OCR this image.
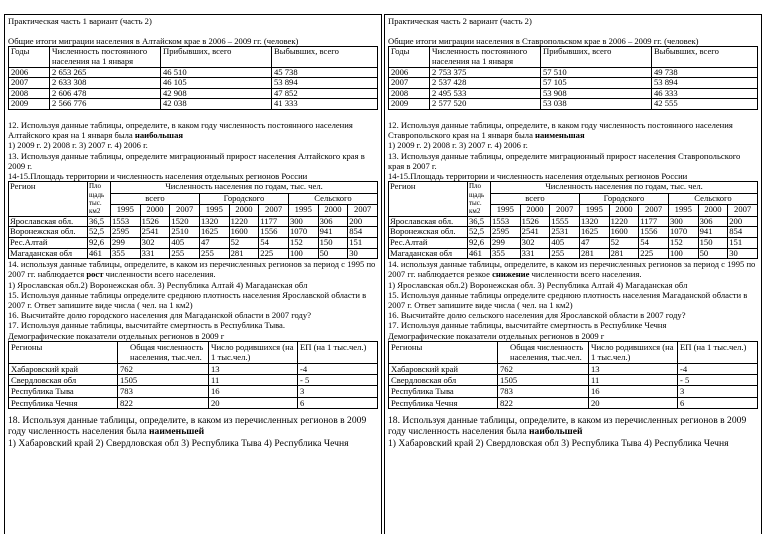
Практическая часть 1 вариант (часть 2)

Общие итоги миграции населения в Алтайском крае в 2006 – 2009 гг. (человек)

Годы	Численность постоянного населения на 1 января	Прибывших, всего	Выбывших, всего
2006	2 653 265	46 510	45 738
2007	2 633 308	46 105	53 894
2008	2 606 478	42 908	47 852
2009	2 566 776	42 038	41 333

12. Используя данные таблицы, определите, в каком году численность постоянного населения Алтайского края на 1 января была наибольшая

1) 2009 г. 2) 2008 г. 3) 2007 г. 4) 2006 г.

13. Используя данные таблицы, определите миграционный прирост населения Алтайского края в 2009 г.

14-15.Площадь территории и численность населения отдельных регионов России

Регион	Пло щадь тыс. км2	Численность населения по годам, тыс. чел.								
		всего			Городского			Сельского		
		1995	2000	2007	1995	2000	2007	1995	2000	2007
Ярославская обл.	36,5	1553	1526	1520	1320	1220	1177	300	306	200
Воронежская обл.	52,5	2595	2541	2510	1625	1600	1556	1070	941	854
Рес.Алтай	92,6	299	302	405	47	52	54	152	150	151
Магаданская обл	461	355	331	255	255	281	225	100	50	30

14. используя данные таблицы, определите, в каком из перечисленных регионов за период с 1995 по 2007 гг. наблюдается рост численности всего населения.

1) Ярославская обл.2) Воронежская обл. 3) Республика Алтай 4) Магаданская обл

15. Используя данные таблицы определите среднюю плотность населения Ярославской области в 2007 г. Ответ запишите виде числа ( чел. на 1 км2)

16. Высчитайте долю городского населения для Магаданской области в 2007 году?

17. Используя данные таблицы, высчитайте смертность в Республика Тыва.

Демографические показатели отдельных регионов в 2009 г

Регионы	Общая численность населения, тыс.чел.	Число родившихся (на 1 тыс.чел.)	ЕП (на 1 тыс.чел.)
Хабаровский край	762	13	-4
Свердловская обл	1505	11	- 5
Республика Тыва	783	16	3
Республика Чечня	822	20	6

18. Используя данные таблицы, определите, в каком из перечисленных регионов в 2009 году численность населения была наименьшей

1) Хабаровский край 2) Свердловская обл 3) Республика Тыва 4) Республика Чечня

Практическая часть 2 вариант (часть 2)

Общие итоги миграции населения в Ставропольском крае в 2006 – 2009 гг. (человек)

Годы	Численность постоянного населения на 1 января	Прибывших, всего	Выбывших, всего
2006	2 753 375	57 510	49 738
2007	2 537 428	57 105	53 894
2008	2 495 533	53 908	46 333
2009	2 577 520	53 038	42 555

12. Используя данные таблицы, определите, в каком году численность постоянного населения Ставропольского края на 1 января была наименьшая

1) 2009 г. 2) 2008 г. 3) 2007 г. 4) 2006 г.

13. Используя данные таблицы, определите миграционный прирост населения Ставропольского края в 2007 г.

14-15.Площадь территории и численность населения отдельных регионов России

Регион	Пло щадь тыс. км2	Численность населения по годам, тыс. чел.								
		всего			Городского			Сельского		
		1995	2000	2007	1995	2000	2007	1995	2000	2007
Ярославская обл.	36,5	1553	1526	1555	1320	1220	1177	300	306	200
Воронежская обл.	52,5	2595	2541	2531	1625	1600	1556	1070	941	854
Рес.Алтай	92,6	299	302	405	47	52	54	152	150	151
Магаданская обл	461	355	331	255	281	281	225	100	50	30

14. используя данные таблицы, определите, в каком из перечисленных регионов за период с 1995 по 2007 гг. наблюдается резкое снижение численности всего населения.

1) Ярославская обл.2) Воронежская обл. 3) Республика Алтай 4) Магаданская обл

15. Используя данные таблицы определите среднюю плотность населения Магаданской области в 2007 г. Ответ запишите виде числа ( чел. на 1 км2)

16. Высчитайте долю сельского населения для Ярославской области в 2007 году?

17. Используя данные таблицы, высчитайте смертность в Республике Чечня

Демографические показатели отдельных регионов в 2009 г

Регионы	Общая численность населения, тыс.чел.	Число родившихся (на 1 тыс.чел.)	ЕП (на 1 тыс.чел.)
Хабаровский край	762	13	-4
Свердловская обл	1505	11	- 5
Республика Тыва	783	16	3
Республика Чечня	822	20	6

18. Используя данные таблицы, определите, в каком из перечисленных регионов в 2009 году численность населения была наибольшей

1) Хабаровский край 2) Свердловская обл 3) Республика Тыва 4) Республика Чечня
